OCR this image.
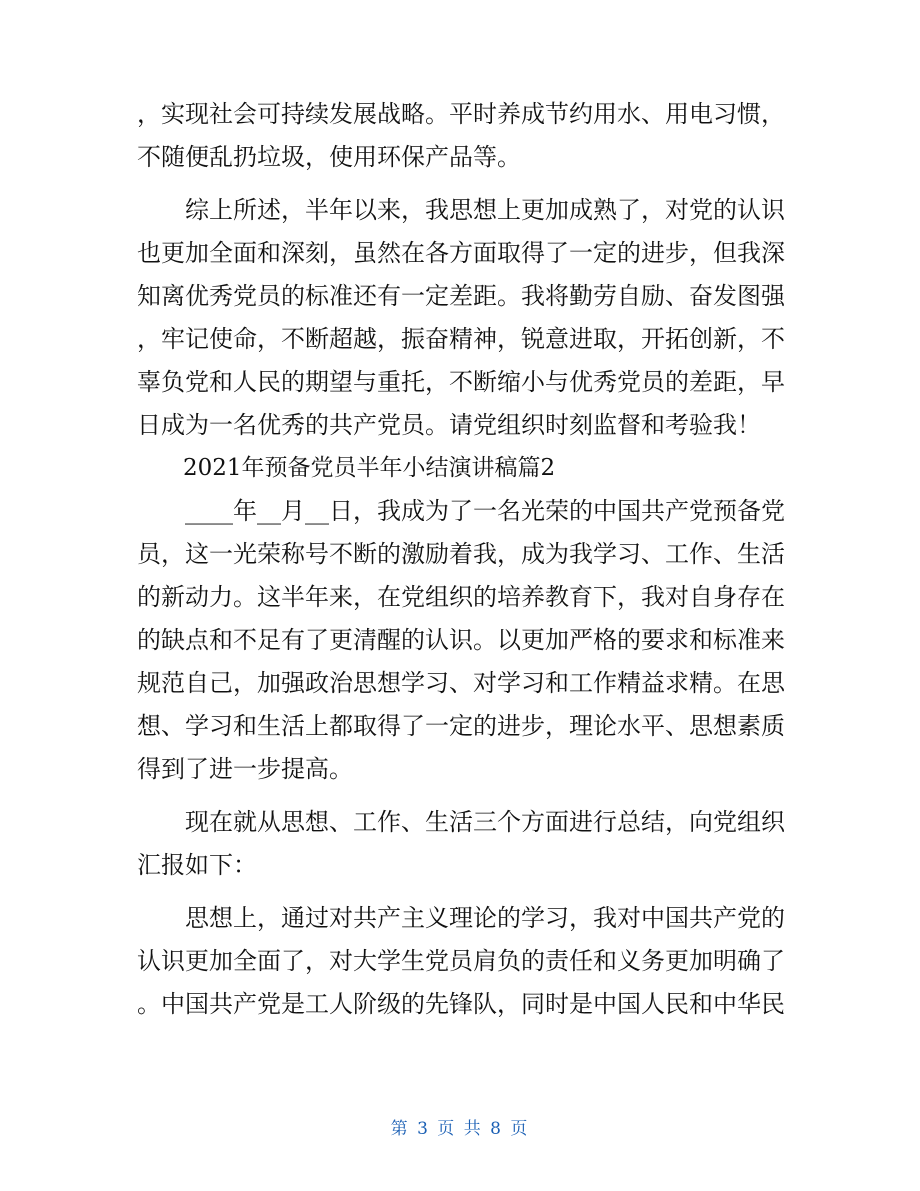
，实现社会可持续发展战略。平时养成节约用水、用电习惯，

不随便乱扔垃圾，使用环保产品等。

　　综上所述，半年以来，我思想上更加成熟了，对党的认识

也更加全面和深刻，虽然在各方面取得了一定的进步，但我深

知离优秀党员的标准还有一定差距。我将勤劳自励、奋发图强

，牢记使命，不断超越，振奋精神，锐意进取，开拓创新，不

辜负党和人民的期望与重托，不断缩小与优秀党员的差距，早

日成为一名优秀的共产党员。请党组织时刻监督和考验我！

　　2021年预备党员半年小结演讲稿篇2

　　____年__月__日，我成为了一名光荣的中国共产党预备党

员，这一光荣称号不断的激励着我，成为我学习、工作、生活

的新动力。这半年来，在党组织的培养教育下，我对自身存在

的缺点和不足有了更清醒的认识。以更加严格的要求和标准来

规范自己，加强政治思想学习、对学习和工作精益求精。在思

想、学习和生活上都取得了一定的进步，理论水平、思想素质

得到了进一步提高。

　　现在就从思想、工作、生活三个方面进行总结，向党组织

汇报如下：

　　思想上，通过对共产主义理论的学习，我对中国共产党的

认识更加全面了，对大学生党员肩负的责任和义务更加明确了

。中国共产党是工人阶级的先锋队，同时是中国人民和中华民

第 3 页 共 8 页
